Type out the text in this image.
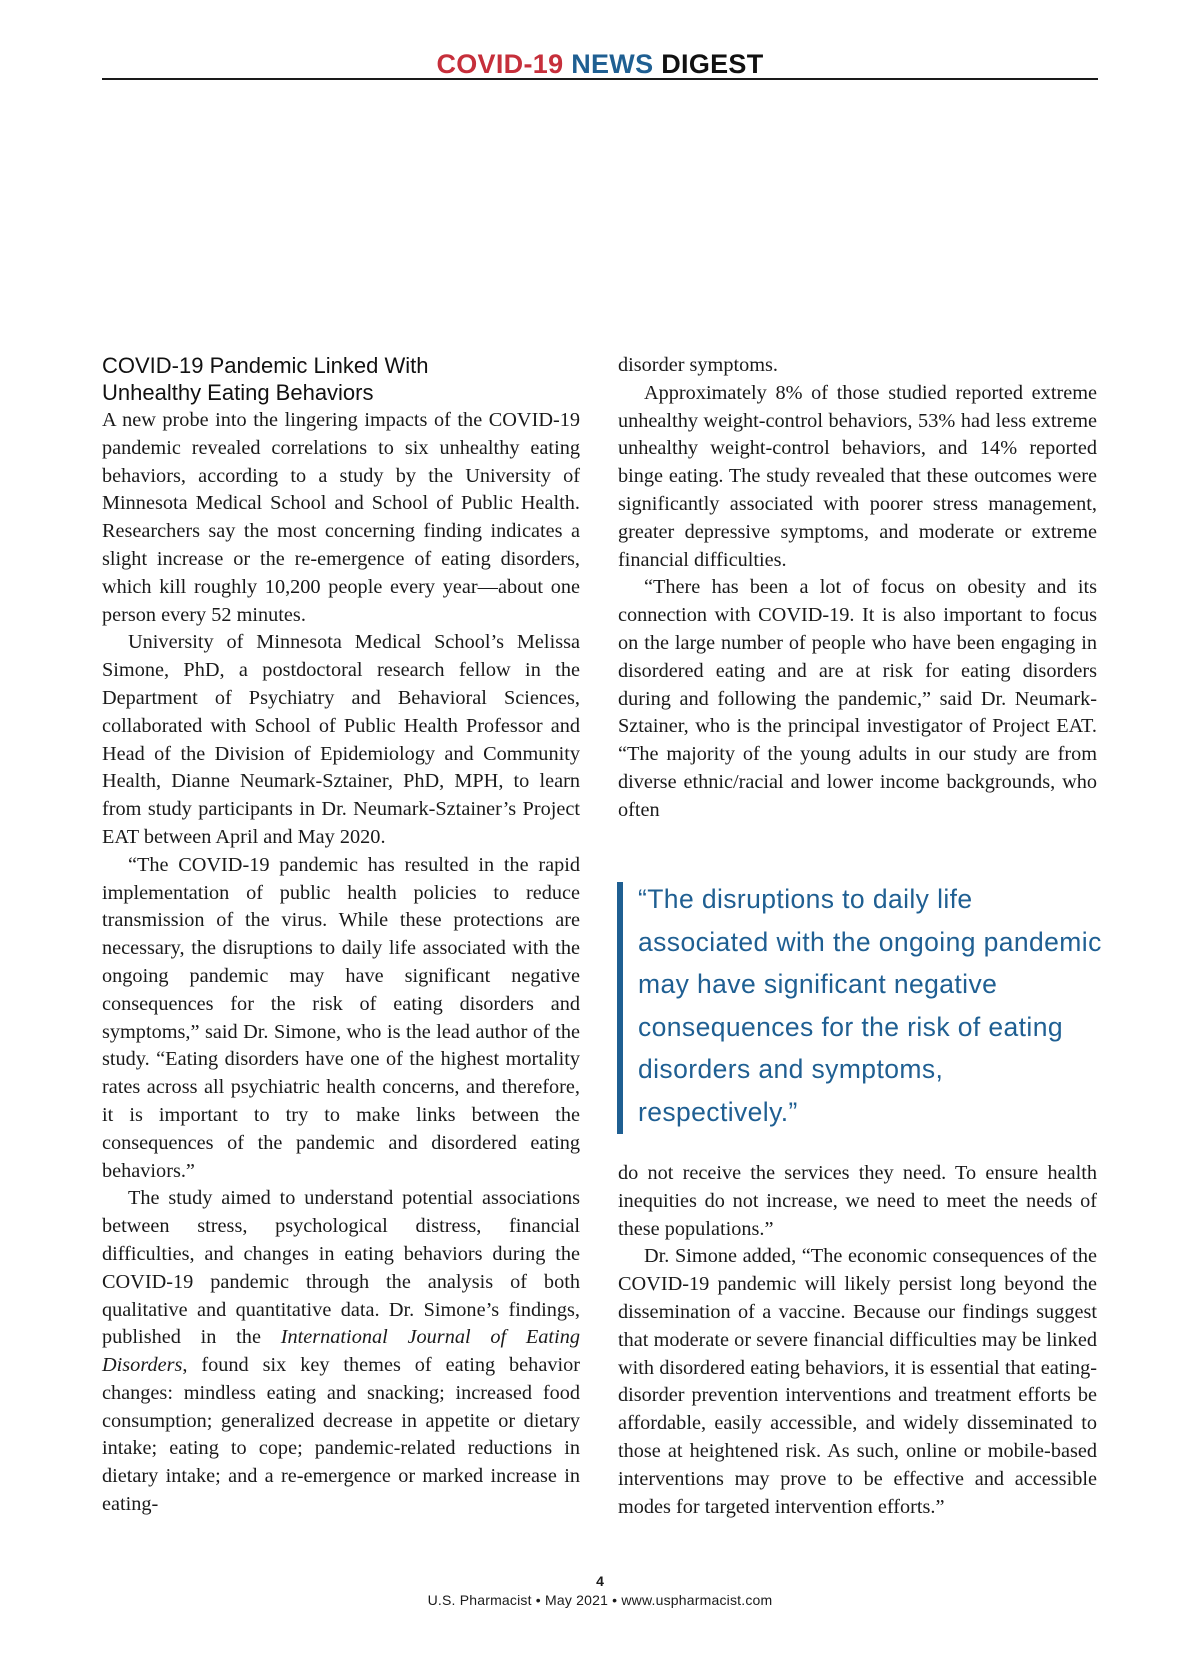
COVID-19 NEWS DIGEST
COVID-19 Pandemic Linked With
Unhealthy Eating Behaviors

A new probe into the lingering impacts of the COVID-19 pandemic revealed correlations to six unhealthy eating behaviors, according to a study by the University of Minnesota Medical School and School of Public Health. Researchers say the most concerning finding indicates a slight increase or the re-emergence of eating disorders, which kill roughly 10,200 people every year—about one person every 52 minutes.

University of Minnesota Medical School’s Melissa Simone, PhD, a postdoctoral research fellow in the Department of Psychiatry and Behavioral Sciences, collaborated with School of Public Health Professor and Head of the Division of Epidemiology and Community Health, Dianne Neumark-Sztainer, PhD, MPH, to learn from study participants in Dr. Neumark-Sztainer’s Project EAT between April and May 2020.

“The COVID-19 pandemic has resulted in the rapid implementation of public health policies to reduce transmission of the virus. While these protections are necessary, the disruptions to daily life associated with the ongoing pandemic may have significant negative consequences for the risk of eating disorders and symptoms,” said Dr. Simone, who is the lead author of the study. “Eating disorders have one of the highest mortality rates across all psychiatric health concerns, and therefore, it is important to try to make links between the consequences of the pandemic and disordered eating behaviors.”

The study aimed to understand potential associations between stress, psychological distress, financial difficulties, and changes in eating behaviors during the COVID-19 pandemic through the analysis of both qualitative and quantitative data. Dr. Simone’s findings, published in the International Journal of Eating Disorders, found six key themes of eating behavior changes: mindless eating and snacking; increased food consumption; generalized decrease in appetite or dietary intake; eating to cope; pandemic-related reductions in dietary intake; and a re-emergence or marked increase in eating-

disorder symptoms.

Approximately 8% of those studied reported extreme unhealthy weight-control behaviors, 53% had less extreme unhealthy weight-control behaviors, and 14% reported binge eating. The study revealed that these outcomes were significantly associated with poorer stress management, greater depressive symptoms, and moderate or extreme financial difficulties.

“There has been a lot of focus on obesity and its connection with COVID-19. It is also important to focus on the large number of people who have been engaging in disordered eating and are at risk for eating disorders during and following the pandemic,” said Dr. Neumark-Sztainer, who is the principal investigator of Project EAT. “The majority of the young adults in our study are from diverse ethnic/racial and lower income backgrounds, who often

“The disruptions to daily life associated with the ongoing pandemic may have significant negative consequences for the risk of eating disorders and symptoms, respectively.”

do not receive the services they need. To ensure health inequities do not increase, we need to meet the needs of these populations.”

Dr. Simone added, “The economic consequences of the COVID-19 pandemic will likely persist long beyond the dissemination of a vaccine. Because our findings suggest that moderate or severe financial difficulties may be linked with disordered eating behaviors, it is essential that eating-disorder prevention interventions and treatment efforts be affordable, easily accessible, and widely disseminated to those at heightened risk. As such, online or mobile-based interventions may prove to be effective and accessible modes for targeted intervention efforts.”

4
U.S. Pharmacist • May 2021 • www.uspharmacist.com
